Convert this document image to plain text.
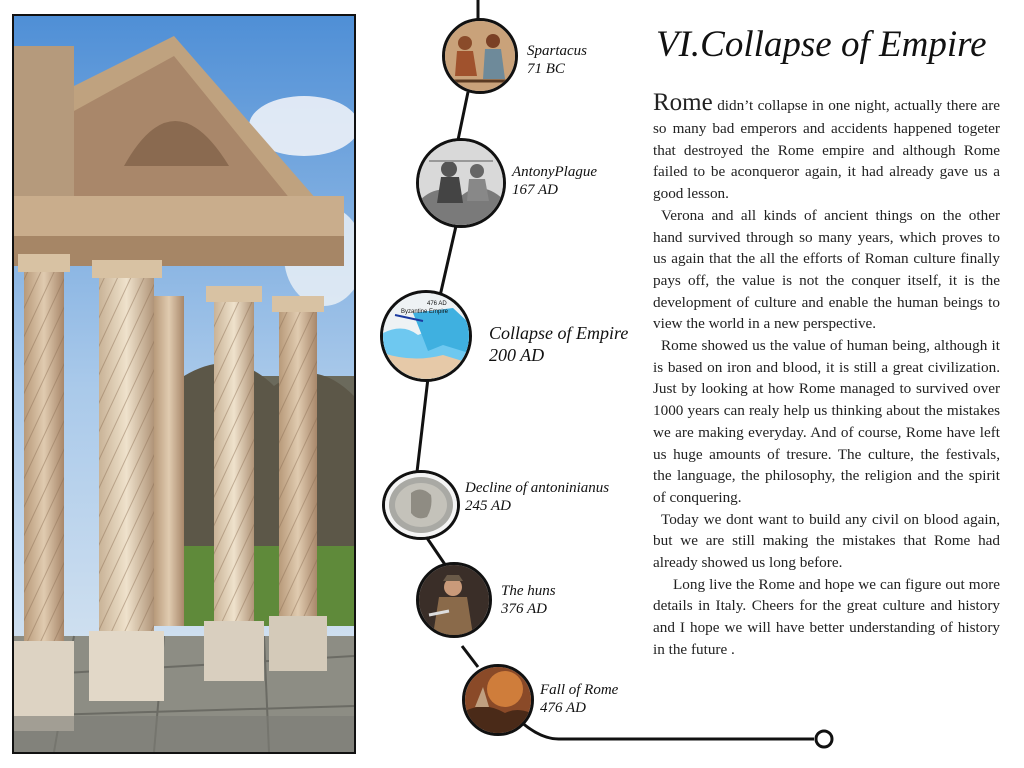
Spartacus
71 BC
AntonyPlague
167 AD
476 AD
Byzantine Empire
Collapse of Empire
200 AD
Decline of antoninianus
245 AD
The huns
376 AD
Fall of Rome
476 AD
VI.Collapse of Empire

Rome didn’t collapse in one night, actually there are so many bad emperors and accidents happened togeter that destroyed the Rome empire and although Rome failed to be aconqueror again, it had already gave us a good lesson.

Verona and all kinds of ancient things on the other hand survived through so many years, which proves to us again that the all the efforts of Roman culture finally pays off, the value is not the conquer itself, it is the development of culture and enable the human beings to view the world in a new perspective.

Rome showed us the value of human being, although it is based on iron and blood, it is still a great civilization. Just by looking at how Rome managed to survived over 1000 years can realy help us thinking about the mistakes we are making everyday. And of course, Rome have left us huge amounts of tresure. The culture, the festivals, the language, the philosophy, the religion and the spirit of conquering.

Today we dont want to build any civil on blood again, but we are still making the mistakes that Rome had already showed us long before.

Long live the Rome and hope we can figure out more details in Italy. Cheers for the great culture and history and I hope we will have better understanding of history in the future .
